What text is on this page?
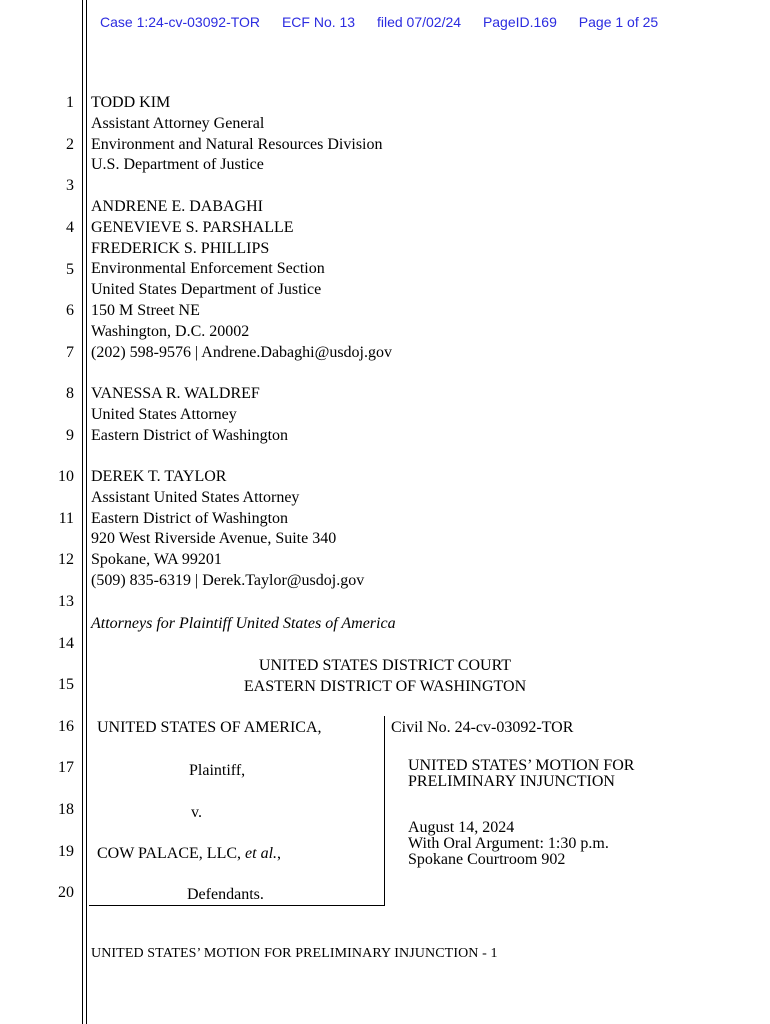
Case 1:24-cv-03092-TOR ECF No. 13 filed 07/02/24 PageID.169 Page 1 of 25
1
2
3
4
5
6
7
8
9
10
11
12
13
14
15
16
17
18
19
20
TODD KIM
Assistant Attorney General
Environment and Natural Resources Division
U.S. Department of Justice
ANDRENE E. DABAGHI
GENEVIEVE S. PARSHALLE
FREDERICK S. PHILLIPS
Environmental Enforcement Section
United States Department of Justice
150 M Street NE
Washington, D.C. 20002
(202) 598-9576 | Andrene.Dabaghi@usdoj.gov
VANESSA R. WALDREF
United States Attorney
Eastern District of Washington
DEREK T. TAYLOR
Assistant United States Attorney
Eastern District of Washington
920 West Riverside Avenue, Suite 340
Spokane, WA 99201
(509) 835-6319 | Derek.Taylor@usdoj.gov
Attorneys for Plaintiff United States of America
UNITED STATES DISTRICT COURT
EASTERN DISTRICT OF WASHINGTON
UNITED STATES OF AMERICA,
Plaintiff,
v.
COW PALACE, LLC, et al.,
Defendants.
Civil No. 24-cv-03092-TOR
UNITED STATES’ MOTION FOR
PRELIMINARY INJUNCTION
August 14, 2024
With Oral Argument: 1:30 p.m.
Spokane Courtroom 902
UNITED STATES’ MOTION FOR PRELIMINARY INJUNCTION - 1
